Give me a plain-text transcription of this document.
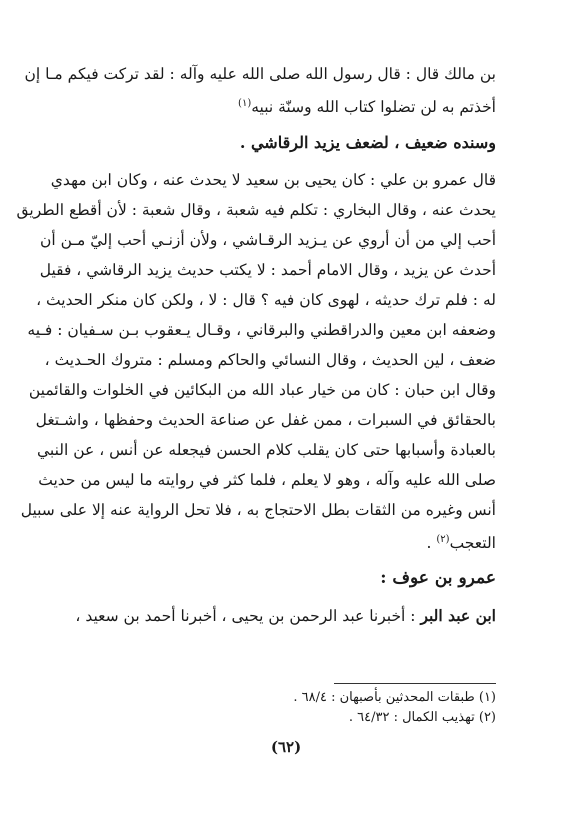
بن مالك قال : قال رسول الله صلى الله عليه وآله : لقد تركت فيكم مـا إن
أخذتم به لن تضلوا كتاب الله وسنّة نبيه$^{(١)}$
وسنده ضعيف ، لضعف يزيد الرقاشي .
قال عمرو بن علي : كان يحيى بن سعيد لا يحدث عنه ، وكان ابن مهدي
يحدث عنه ، وقال البخاري : تكلم فيه شعبة ، وقال شعبة : لأن أقطع الطريق
أحب إلي من أن أروي عن يـزيد الرقـاشي ، ولأن أزنـي أحب إليّ مـن أن
أحدث عن يزيد ، وقال الامام أحمد : لا يكتب حديث يزيد الرقاشي ، فقيل
له : فلم ترك حديثه ، لهوى كان فيه ؟ قال : لا ، ولكن كان منكر الحديث ،
وضعفه ابن معين والدراقطني والبرقاني ، وقـال يـعقوب بـن سـفيان : فـيه
ضعف ، لين الحديث ، وقال النسائي والحاكم ومسلم : متروك الحـديث ،
وقال ابن حبان : كان من خيار عباد الله من البكائين في الخلوات والقائمين
بالحقائق في السبرات ، ممن غفل عن صناعة الحديث وحفظها ، واشـتغل
بالعبادة وأسبابها حتى كان يقلب كلام الحسن فيجعله عن أنس ، عن النبي
صلى الله عليه وآله ، وهو لا يعلم ، فلما كثر في روايته ما ليس من حديث
أنس وغيره من الثقات بطل الاحتجاج به ، فلا تحل الرواية عنه إلا على سبيل
التعجب$^{(٢)}$ .
عمرو بن عوف :
ابن عبد البر : أخبرنا عبد الرحمن بن يحيى ، أخبرنا أحمد بن سعيد ،
(١) طبقات المحدثين بأصبهان : ٦٨/٤ .
(٢) تهذيب الكمال : ٦٤/٣٢ .
(٦٢)
